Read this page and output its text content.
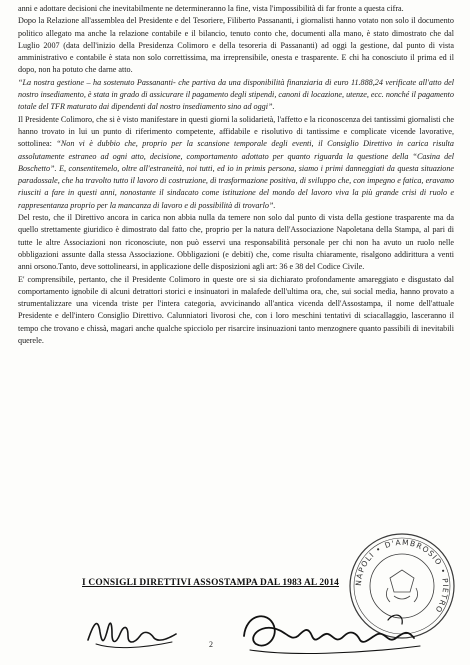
anni e adottare decisioni che inevitabilmente ne determineranno la fine, vista l'impossibilità di far fronte a questa cifra.

Dopo la Relazione all'assemblea del Presidente e del Tesoriere, Filiberto Passananti, i giornalisti hanno votato non solo il documento politico allegato ma anche la relazione contabile e il bilancio, tenuto conto che, documenti alla mano, è stato dimostrato che dal Luglio 2007 (data dell'inizio della Presidenza Colimoro e della tesoreria di Passananti) ad oggi la gestione, dal punto di vista amministrativo e contabile è stata non solo correttissima, ma irreprensibile, onesta e trasparente. E chi ha conosciuto il prima ed il dopo, non ha potuto che darne atto.

“La nostra gestione – ha sostenuto Passananti- che partiva da una disponibilità finanziaria di euro 11.888,24 verificate all'atto del nostro insediamento, è stata in grado di assicurare il pagamento degli stipendi, canoni di locazione, utenze, ecc. nonché il pagamento totale del TFR maturato dai dipendenti dal nostro insediamento sino ad oggi”.

Il Presidente Colimoro, che si è visto manifestare in questi giorni la solidarietà, l'affetto e la riconoscenza dei tantissimi giornalisti che hanno trovato in lui un punto di riferimento competente, affidabile e risolutivo di tantissime e complicate vicende lavorative, sottolinea: “Non vi è dubbio che, proprio per la scansione temporale degli eventi, il Consiglio Direttivo in carica risulta assolutamente estraneo ad ogni atto, decisione, comportamento adottato per quanto riguarda la questione della “Casina del Boschetto”. E, consentitemelo, oltre all'estraneità, noi tutti, ed io in primis persona, siamo i primi danneggiati da questa situazione paradossale, che ha travolto tutto il lavoro di costruzione, di trasformazione positiva, di sviluppo che, con impegno e fatica, eravamo riusciti a fare in questi anni, nonostante il sindacato come istituzione del mondo del lavoro viva la più grande crisi di ruolo e rappresentanza proprio per la mancanza di lavoro e di possibilità di trovarlo”.

Del resto, che il Direttivo ancora in carica non abbia nulla da temere non solo dal punto di vista della gestione trasparente ma da quello strettamente giuridico è dimostrato dal fatto che, proprio per la natura dell'Associazione Napoletana della Stampa, al pari di tutte le altre Associazioni non riconosciute, non può esservi una responsabilità personale per chi non ha avuto un ruolo nelle obbligazioni assunte dalla stessa Associazione. Obbligazioni (e debiti) che, come risulta chiaramente, risalgono addirittura a venti anni orsono.Tanto, deve sottolinearsi, in applicazione delle disposizioni agli art: 36 e 38 del Codice Civile.

E' comprensibile, pertanto, che il Presidente Colimoro in queste ore si sia dichiarato profondamente amareggiato e disgustato dal comportamento ignobile di alcuni detrattori storici e insinuatori in malafede dell'ultima ora, che, sui social media, hanno provato a strumentalizzare una vicenda triste per l'intera categoria, avvicinando all'antica vicenda dell'Assostampa, il nome dell'attuale Presidente e dell'intero Consiglio Direttivo. Calunniatori livorosi che, con i loro meschini tentativi di sciacallaggio, lasceranno il tempo che trovano e chissà, magari anche qualche spicciolo per risarcire insinuazioni tanto menzognere quanto passibili di inevitabili querele.

I CONSIGLI DIRETTIVI ASSOSTAMPA DAL 1983 AL 2014 NAPOLI • D'AMBROSIO • PIETRO
2
